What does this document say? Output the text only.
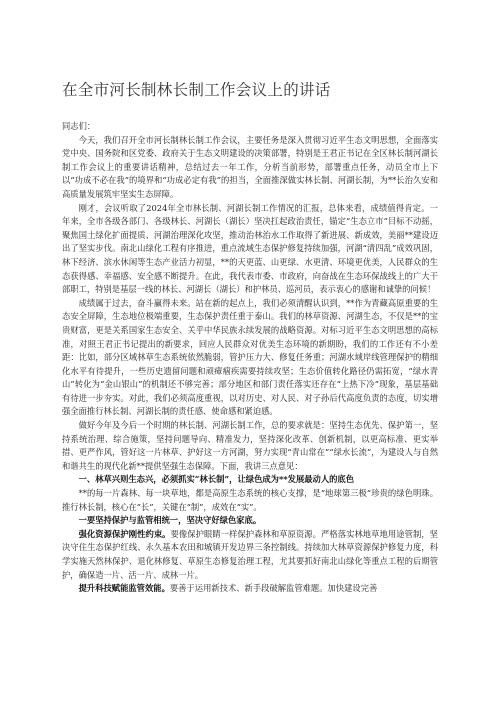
在全市河长制林长制工作会议上的讲话

同志们：

今天，我们召开全市河长制林长制工作会议，主要任务是深入贯彻习近平生态文明思想，全面落实党中央、国务院和区党委、政府关于生态文明建设的决策部署，特别是王君正书记在全区林长制河湖长制工作会议上的重要讲话精神，总结过去一年工作，分析当前形势，部署重点任务，动员全市上下以“功成不必在我”的境界和“功成必定有我”的担当，全面推深做实林长制、河湖长制，为**长治久安和高质量发展筑牢坚实生态屏障。

刚才，会议听取了2024年全市林长制、河湖长制工作情况的汇报，总体来看，成绩值得肯定。一年来，全市各级各部门、各级林长、河湖长（湖长）坚决扛起政治责任，锚定“生态立市”目标不动摇，聚焦国土绿化扩面提质、河湖治理深化攻坚，推动治林治水工作取得了新进展、新成效，美丽**建设迈出了坚实步伐。南北山绿化工程有序推进，重点流域生态保护修复持续加强，河湖“清四乱”成效巩固，林下经济、滨水休闲等生态产业活力初显，**的天更蓝、山更绿、水更清、环境更优美，人民群众的生态获得感、幸福感、安全感不断提升。在此，我代表市委、市政府，向奋战在生态环保战线上的广大干部职工，特别是基层一线的林长、河湖长（湖长）和护林员、巡河员，表示衷心的感谢和诚挚的问候！

成绩属于过去，奋斗赢得未来。站在新的起点上，我们必须清醒认识到，**作为青藏高原重要的生态安全屏障，生态地位极端重要，生态保护责任重于泰山。我们的林草资源、河湖生态，不仅是**的宝贵财富，更是关系国家生态安全、关乎中华民族永续发展的战略资源。对标习近平生态文明思想的高标准，对照王君正书记提出的新要求，回应人民群众对优美生态环境的新期盼，我们的工作还有不小差距：比如，部分区域林草生态系统依然脆弱，管护压力大、修复任务重；河湖水域岸线管理保护的精细化水平有待提升，一些历史遗留问题和顽瘴痼疾需要持续攻坚；生态价值转化路径仍需拓宽，“绿水青山”转化为“金山银山”的机制还不够完善；部分地区和部门责任落实还存在“上热下冷”现象，基层基础有待进一步夯实。对此，我们必须高度重视，以对历史、对人民、对子孙后代高度负责的态度，切实增强全面推行林长制、河湖长制的责任感、使命感和紧迫感。

做好今年及今后一个时期的林长制、河湖长制工作，总的要求就是：坚持生态优先、保护第一，坚持系统治理、综合施策，坚持问题导向、精准发力，坚持深化改革、创新机制，以更高标准、更实举措、更严作风，管好这一片林草、护好这一方河湖，努力实现“青山常在”“绿水长流”，为建设人与自然和谐共生的现代化新**提供坚强生态保障。下面，我讲三点意见：

一、林草兴则生态兴，必须抓实“林长制”，让绿色成为**发展最动人的底色

**的每一片森林、每一块草地，都是高原生态系统的核心支撑，是“地球第三极”珍贵的绿色明珠。推行林长制，核心在“长”，关键在“制”，成效在“实”。

一要坚持保护与监管相统一，坚决守好绿色家底。

强化资源保护刚性约束。要像保护眼睛一样保护森林和草原资源。严格落实林地草地用途管制，坚决守住生态保护红线、永久基本农田和城镇开发边界三条控制线。持续加大林草资源保护修复力度，科学实施天然林保护、退化林修复、草原生态修复治理工程，尤其要抓好南北山绿化等重点工程的后期管护，确保造一片、活一片、成林一片。

提升科技赋能监管效能。要善于运用新技术、新手段破解监管难题。加快建设完善
